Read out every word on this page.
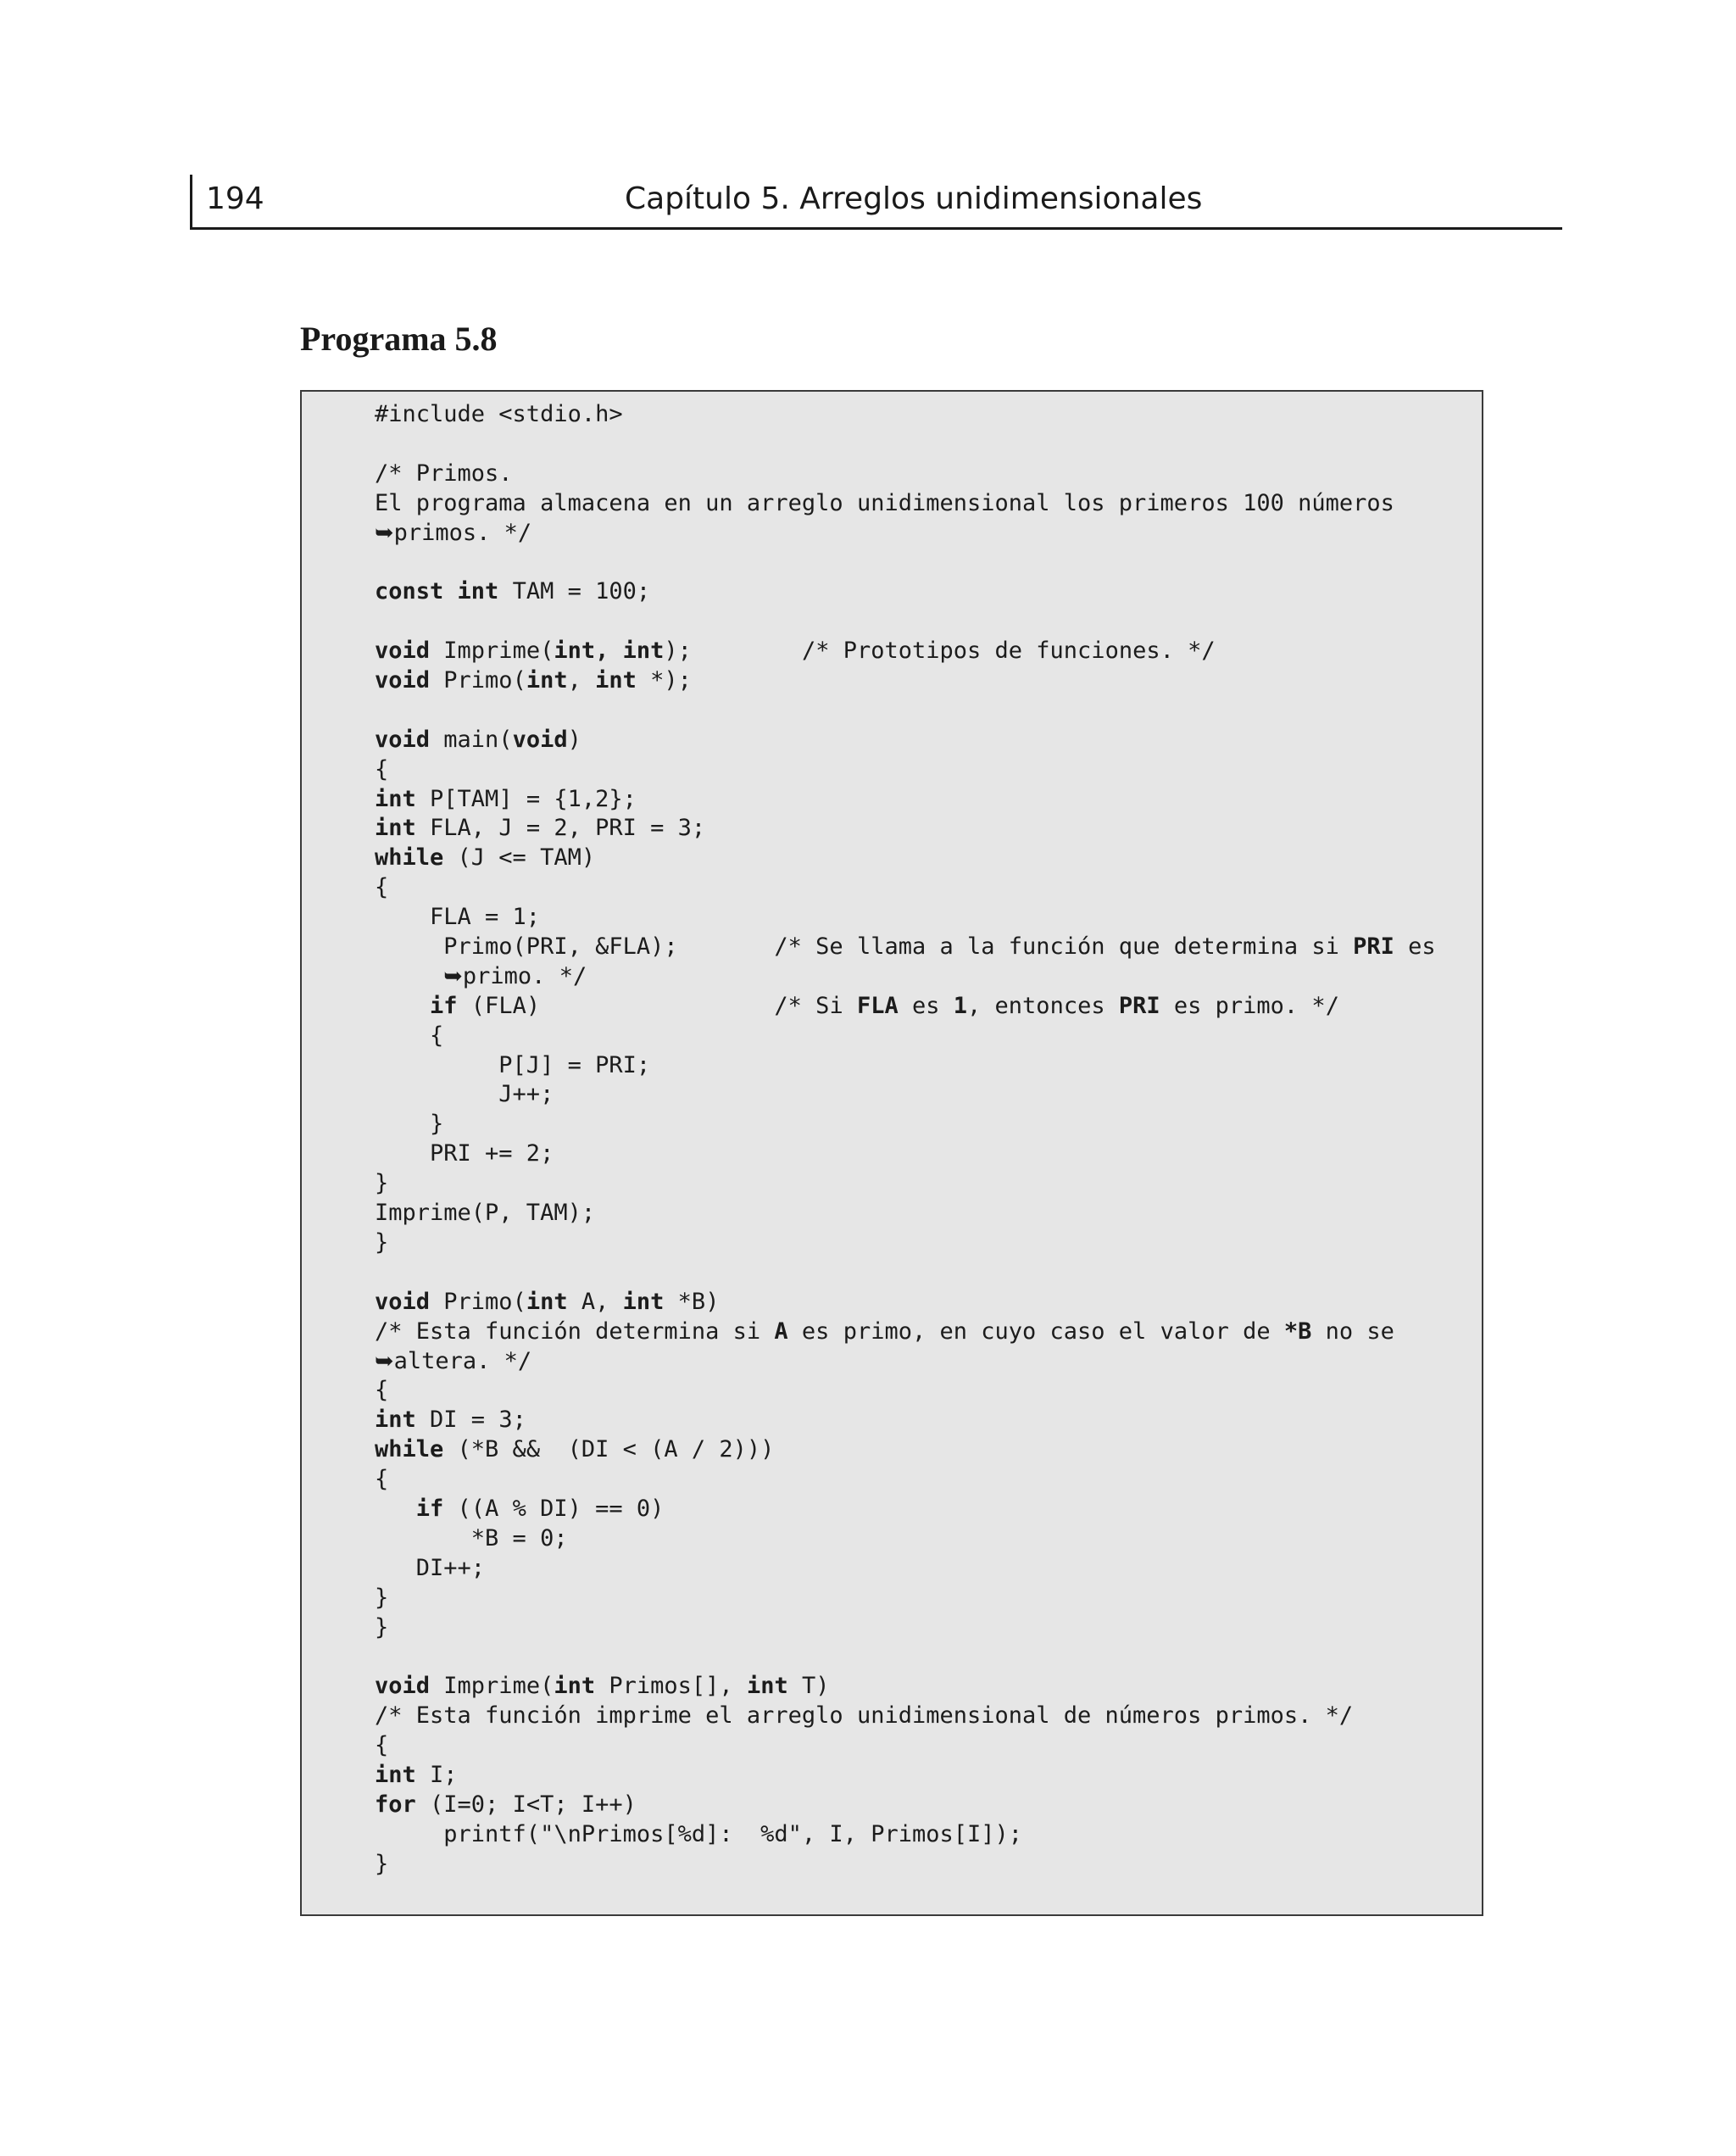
194	Capítulo 5. Arreglos unidimensionales
Programa 5.8
#include <stdio.h>

/* Primos.
El programa almacena en un arreglo unidimensional los primeros 100 números
➥primos. */

const int TAM = 100;

void Imprime(int, int);        /* Prototipos de funciones. */
void Primo(int, int *);

void main(void)
{
int P[TAM] = {1,2};
int FLA, J = 2, PRI = 3;
while (J <= TAM)
{
FLA = 1;
Primo(PRI, &FLA);       /* Se llama a la función que determina si PRI es
➥primo. */
if (FLA)                 /* Si FLA es 1, entonces PRI es primo. */
{
P[J] = PRI;
J++;
}
PRI += 2;
}
Imprime(P, TAM);
}

void Primo(int A, int *B)
/* Esta función determina si A es primo, en cuyo caso el valor de *B no se
➥altera. */
{
int DI = 3;
while (*B &&  (DI < (A / 2)))
{
if ((A % DI) == 0)
*B = 0;
DI++;
}
}

void Imprime(int Primos[], int T)
/* Esta función imprime el arreglo unidimensional de números primos. */
{
int I;
for (I=0; I<T; I++)
printf("\nPrimos[%d]:  %d", I, Primos[I]);
}
